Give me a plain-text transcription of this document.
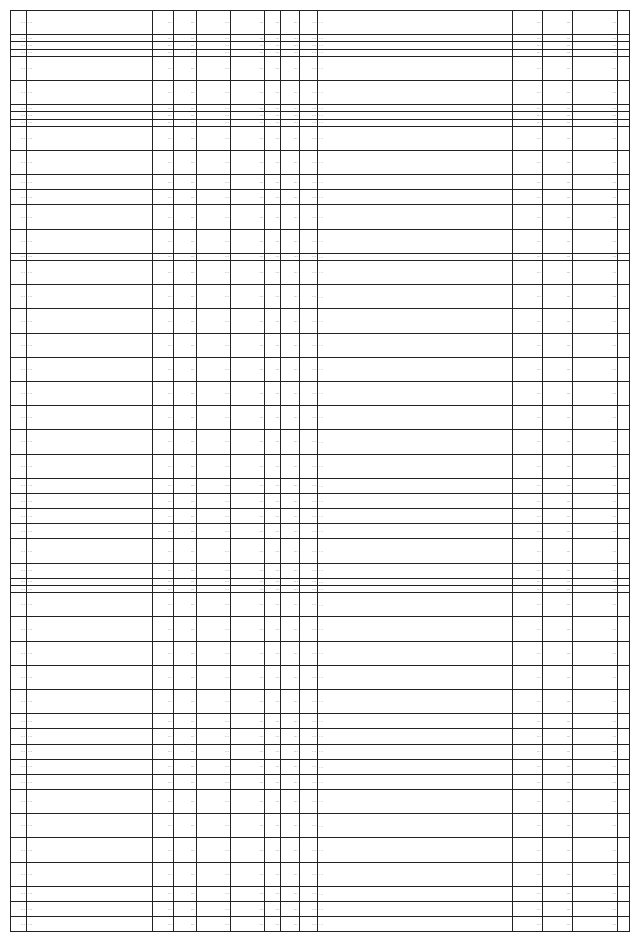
…	…	…	…	…	…	…	…	…	…	…	…	…	
…	…	…	…	…	…	…	…	…	…	…	…	…	
…	…	…	…	…	…	…	…	…	…	…	…	…	
…	…	…	…	…	…	…	…	…	…	…	…	…	
…	…	…	…	…	…	…	…	…	…	…	…	…	
…	…	…	…	…	…	…	…	…	…	…	…	…	
…	…	…	…	…	…	…	…	…	…	…	…	…	
…	…	…	…	…	…	…	…	…	…	…	…	…	
…	…	…	…	…	…	…	…	…	…	…	…	…	
…	…	…	…	…	…	…	…	…	…	…	…	…	
…	…	…	…	…	…	…	…	…	…	…	…	…	
…	…	…	…	…	…	…	…	…	…	…	…	…	
…	…	…	…	…	…	…	…	…	…	…	…	…	
…	…	…	…	…	…	…	…	…	…	…	…	…	
…	…	…	…	…	…	…	…	…	…	…	…	…	
…	…	…	…	…	…	…	…	…	…	…	…	…	
…	…	…	…	…	…	…	…	…	…	…	…	…	
…	…	…	…	…	…	…	…	…	…	…	…	…	
…	…	…	…	…	…	…	…	…	…	…	…	…	
…	…	…	…	…	…	…	…	…	…	…	…	…	
…	…	…	…	…	…	…	…	…	…	…	…	…	
…	…	…	…	…	…	…	…	…	…	…	…	…	
…	…	…	…	…	…	…	…	…	…	…	…	…	
…	…	…	…	…	…	…	…	…	…	…	…	…	
…	…	…	…	…	…	…	…	…	…	…	…	…	
…	…	…	…	…	…	…	…	…	…	…	…	…	
…	…	…	…	…	…	…	…	…	…	…	…	…	
…	…	…	…	…	…	…	…	…	…	…	…	…	
…	…	…	…	…	…	…	…	…	…	…	…	…	
…	…	…	…	…	…	…	…	…	…	…	…	…	
…	…	…	…	…	…	…	…	…	…	…	…	…	
…	…	…	…	…	…	…	…	…	…	…	…	…	
…	…	…	…	…	…	…	…	…	…	…	…	…	
…	…	…	…	…	…	…	…	…	…	…	…	…	
…	…	…	…	…	…	…	…	…	…	…	…	…	
…	…	…	…	…	…	…	…	…	…	…	…	…	
…	…	…	…	…	…	…	…	…	…	…	…	…	
…	…	…	…	…	…	…	…	…	…	…	…	…	
…	…	…	…	…	…	…	…	…	…	…	…	…	
…	…	…	…	…	…	…	…	…	…	…	…	…	
…	…	…	…	…	…	…	…	…	…	…	…	…	
…	…	…	…	…	…	…	…	…	…	…	…	…	
…	…	…	…	…	…	…	…	…	…	…	…	…	
…	…	…	…	…	…	…	…	…	…	…	…	…	
…	…	…	…	…	…	…	…	…	…	…	…	…	
…	…	…	…	…	…	…	…	…	…	…	…	…	
…	…	…	…	…	…	…	…	…	…	…	…	…	
…	…	…	…	…	…	…	…	…	…	…	…	…	
…	…	…	…	…	…	…	…	…	…	…	…	…	
…	…	…	…	…	…	…	…	…	…	…	…	…	
